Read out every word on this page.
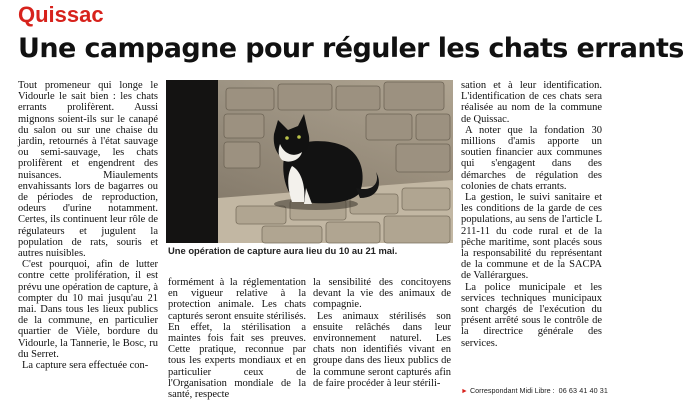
Quissac
Une campagne pour réguler les chats errants

Tout promeneur qui longe le Vidourle le sait bien : les chats errants prolifèrent. Aussi mignons soient-ils sur le canapé du salon ou sur une chaise du jardin, retournés à l'état sauvage ou semi-sauvage, les chats prolifèrent et engendrent des nuisances. Miaulements envahissants lors de bagarres ou de périodes de reproduction, odeurs d'urine notamment. Certes, ils continuent leur rôle de régulateurs et jugulent la population de rats, souris et autres nuisibles.

C'est pourquoi, afin de lutter contre cette prolifération, il est prévu une opération de capture, à compter du 10 mai jusqu'au 21 mai. Dans tous les lieux publics de la commune, en particulier quartier de Vièle, bordure du Vidourle, la Tannerie, le Bosc, ru du Serret.

La capture sera effectuée con-

Une opération de capture aura lieu du 10 au 21 mai.

formément à la réglementation en vigueur relative à la protection animale. Les chats capturés seront ensuite stérilisés. En effet, la stérilisation a maintes fois fait ses preuves. Cette pratique, reconnue par tous les experts mondiaux et en particulier ceux de l'Organisation mondiale de la santé, respecte

la sensibilité des concitoyens devant la vie des animaux de compagnie.

Les animaux stérilisés son ensuite relâchés dans leur environnement naturel. Les chats non identifiés vivant en groupe dans des lieux publics de la commune seront capturés afin de faire procéder à leur stérili-

sation et à leur identification. L'identification de ces chats sera réalisée au nom de la commune de Quissac.

A noter que la fondation 30 millions d'amis apporte un soutien financier aux communes qui s'engagent dans des démarches de régulation des colonies de chats errants.

La gestion, le suivi sanitaire et les conditions de la garde de ces populations, au sens de l'article L 211-11 du code rural et de la pêche maritime, sont placés sous la responsabilité du représentant de la commune et de la SACPA de Vallérargues.

La police municipale et les services techniques municipaux sont chargés de l'exécution du présent arrêté sous le contrôle de la directrice générale des services.

► Correspondant Midi Libre : 06 63 41 40 31
